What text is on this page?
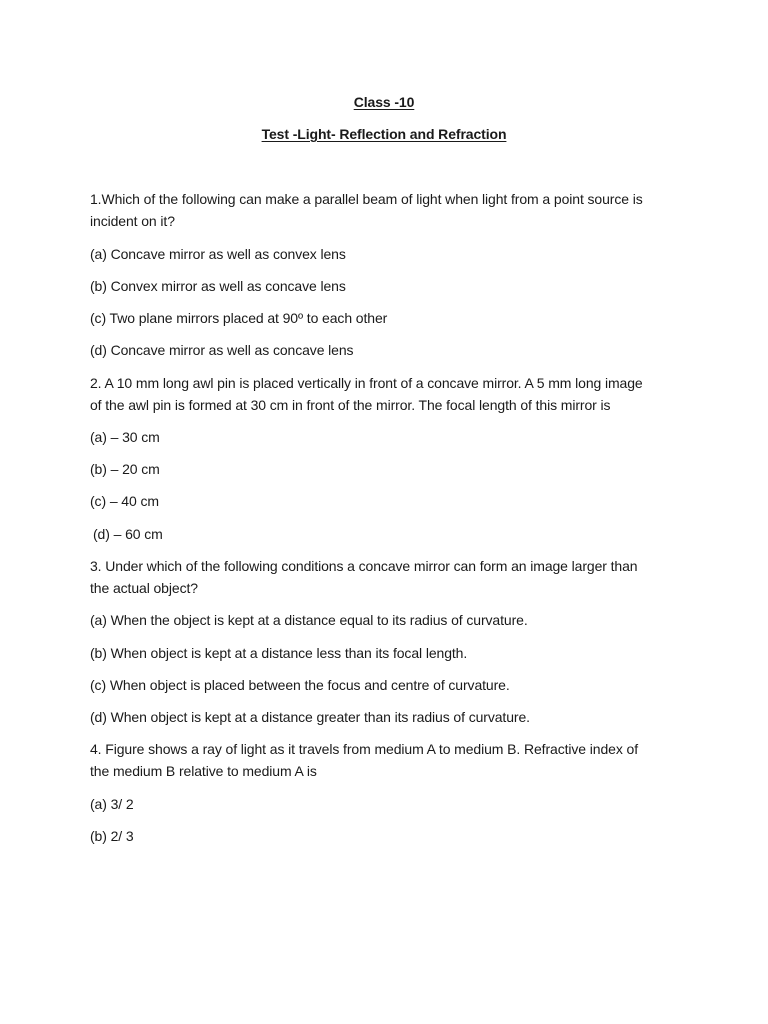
Class -10
Test -Light- Reflection and Refraction
1.Which of the following can make a parallel beam of light when light from a point source is
incident on it?
(a) Concave mirror as well as convex lens
(b) Convex mirror as well as concave lens
(c) Two plane mirrors placed at 90º to each other
(d) Concave mirror as well as concave lens
2. A 10 mm long awl pin is placed vertically in front of a concave mirror. A 5 mm long image
of the awl pin is formed at 30 cm in front of the mirror. The focal length of this mirror is
(a) – 30 cm
(b) – 20 cm
(c) – 40 cm
(d) – 60 cm
3. Under which of the following conditions a concave mirror can form an image larger than
the actual object?
(a) When the object is kept at a distance equal to its radius of curvature.
(b) When object is kept at a distance less than its focal length.
(c) When object is placed between the focus and centre of curvature.
(d) When object is kept at a distance greater than its radius of curvature.
4. Figure shows a ray of light as it travels from medium A to medium B. Refractive index of
the medium B relative to medium A is
(a) 3/ 2
(b) 2/ 3
